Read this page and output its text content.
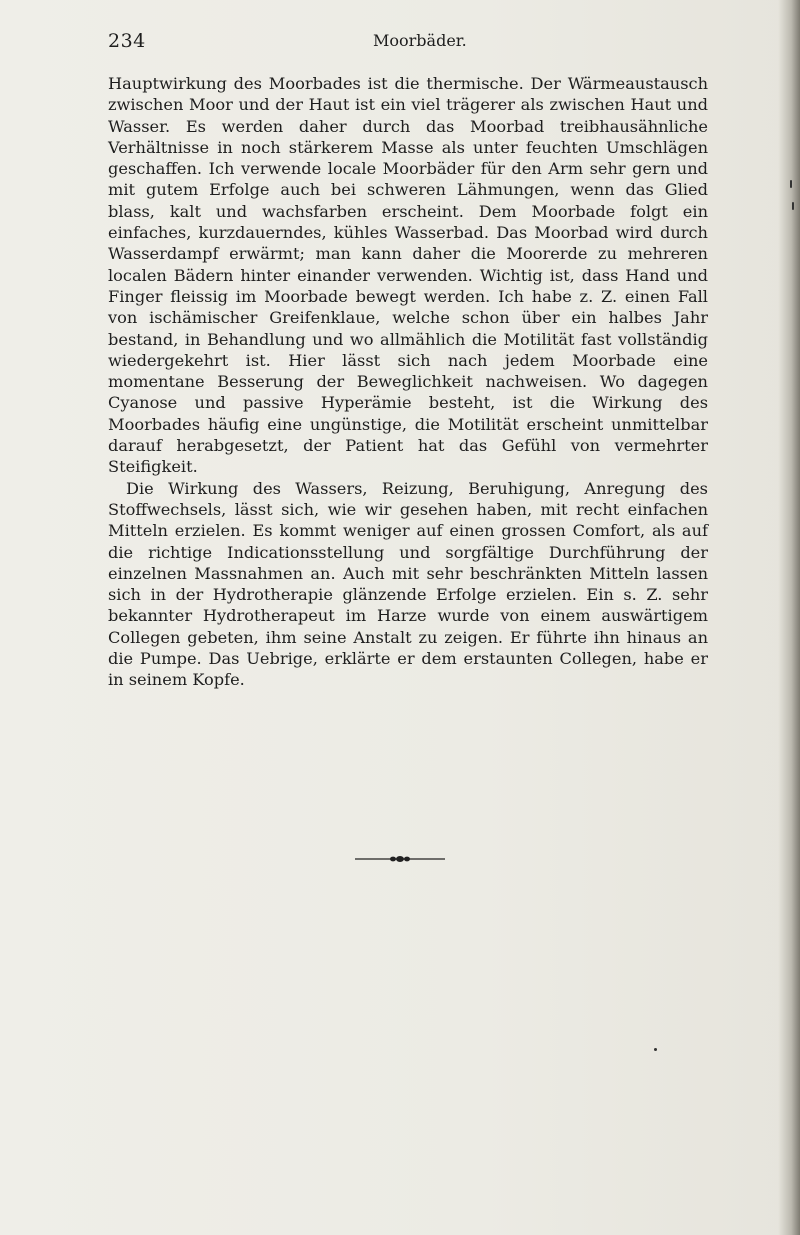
234	Moorbäder.

Hauptwirkung des Moorbades ist die thermische. Der Wärmeaustausch zwischen Moor und der Haut ist ein viel trägerer als zwischen Haut und Wasser. Es werden daher durch das Moorbad treibhausähnliche Verhältnisse in noch stärkerem Masse als unter feuchten Umschlägen geschaffen. Ich verwende locale Moorbäder für den Arm sehr gern und mit gutem Erfolge auch bei schweren Lähmungen, wenn das Glied blass, kalt und wachsfarben erscheint. Dem Moorbade folgt ein einfaches, kurzdauerndes, kühles Wasserbad. Das Moorbad wird durch Wasserdampf erwärmt; man kann daher die Moorerde zu mehreren localen Bädern hinter einander verwenden. Wichtig ist, dass Hand und Finger fleissig im Moorbade bewegt werden. Ich habe z. Z. einen Fall von ischämischer Greifenklaue, welche schon über ein halbes Jahr bestand, in Behandlung und wo allmählich die Motilität fast vollständig wiedergekehrt ist. Hier lässt sich nach jedem Moorbade eine momentane Besserung der Beweglichkeit nachweisen. Wo dagegen Cyanose und passive Hyperämie besteht, ist die Wirkung des Moorbades häufig eine ungünstige, die Motilität erscheint unmittelbar darauf herabgesetzt, der Patient hat das Gefühl von vermehrter Steifigkeit.

Die Wirkung des Wassers, Reizung, Beruhigung, Anregung des Stoffwechsels, lässt sich, wie wir gesehen haben, mit recht einfachen Mitteln erzielen. Es kommt weniger auf einen grossen Comfort, als auf die richtige Indicationsstellung und sorgfältige Durchführung der einzelnen Massnahmen an. Auch mit sehr beschränkten Mitteln lassen sich in der Hydrotherapie glänzende Erfolge erzielen. Ein s. Z. sehr bekannter Hydrotherapeut im Harze wurde von einem auswärtigem Collegen gebeten, ihm seine Anstalt zu zeigen. Er führte ihn hinaus an die Pumpe. Das Uebrige, erklärte er dem erstaunten Collegen, habe er in seinem Kopfe.
